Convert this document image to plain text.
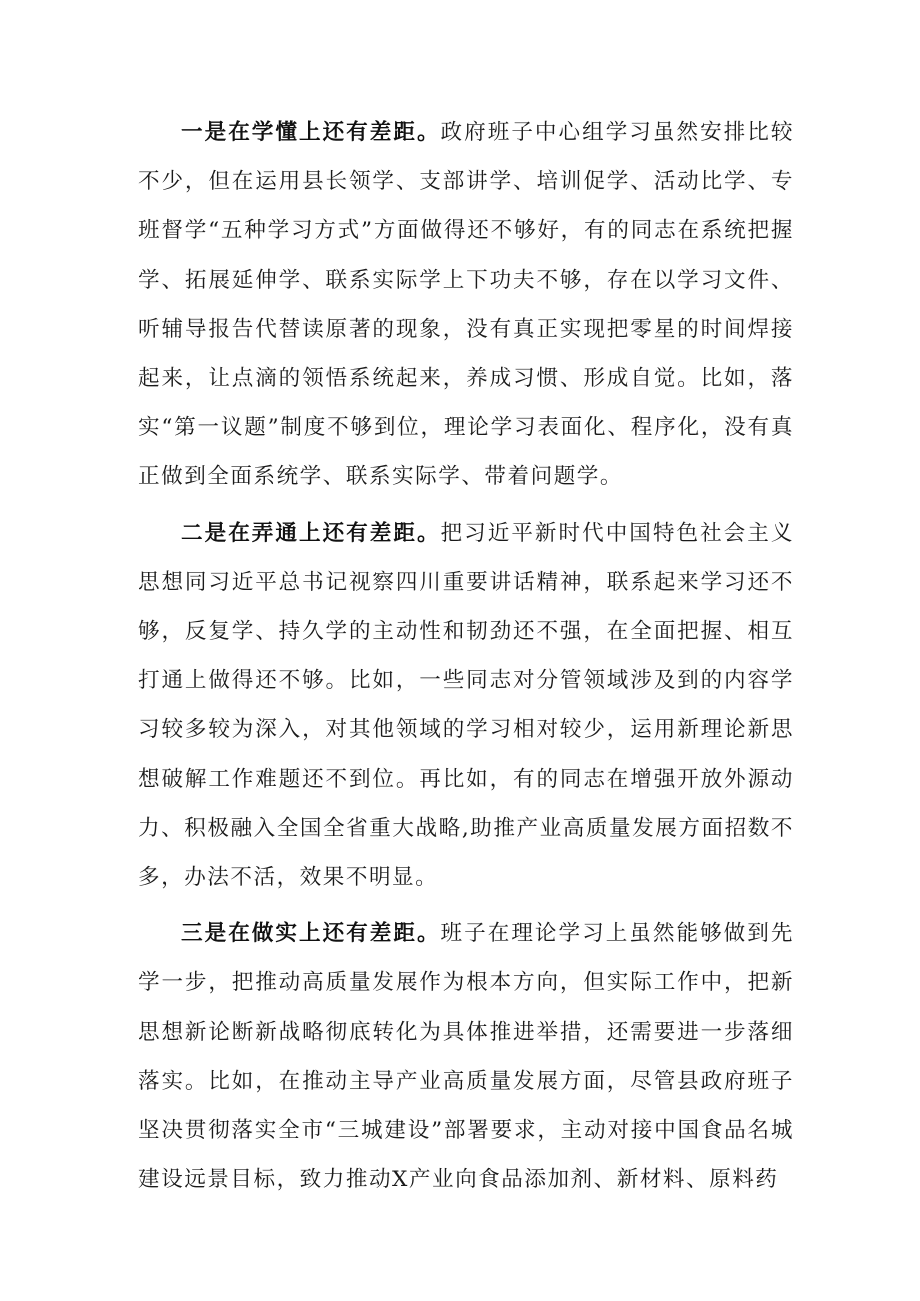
一是在学懂上还有差距。政府班子中心组学习虽然安排比较不少，但在运用县长领学、支部讲学、培训促学、活动比学、专班督学“五种学习方式”方面做得还不够好，有的同志在系统把握学、拓展延伸学、联系实际学上下功夫不够，存在以学习文件、听辅导报告代替读原著的现象，没有真正实现把零星的时间焊接起来，让点滴的领悟系统起来，养成习惯、形成自觉。比如，落实“第一议题”制度不够到位，理论学习表面化、程序化，没有真正做到全面系统学、联系实际学、带着问题学。

二是在弄通上还有差距。把习近平新时代中国特色社会主义思想同习近平总书记视察四川重要讲话精神，联系起来学习还不够，反复学、持久学的主动性和韧劲还不强，在全面把握、相互打通上做得还不够。比如，一些同志对分管领域涉及到的内容学习较多较为深入，对其他领域的学习相对较少，运用新理论新思想破解工作难题还不到位。再比如，有的同志在增强开放外源动力、积极融入全国全省重大战略,助推产业高质量发展方面招数不多，办法不活，效果不明显。

三是在做实上还有差距。班子在理论学习上虽然能够做到先学一步，把推动高质量发展作为根本方向，但实际工作中，把新思想新论断新战略彻底转化为具体推进举措，还需要进一步落细落实。比如，在推动主导产业高质量发展方面，尽管县政府班子坚决贯彻落实全市“三城建设”部署要求，主动对接中国食品名城建设远景目标，致力推动X产业向食品添加剂、新材料、原料药
